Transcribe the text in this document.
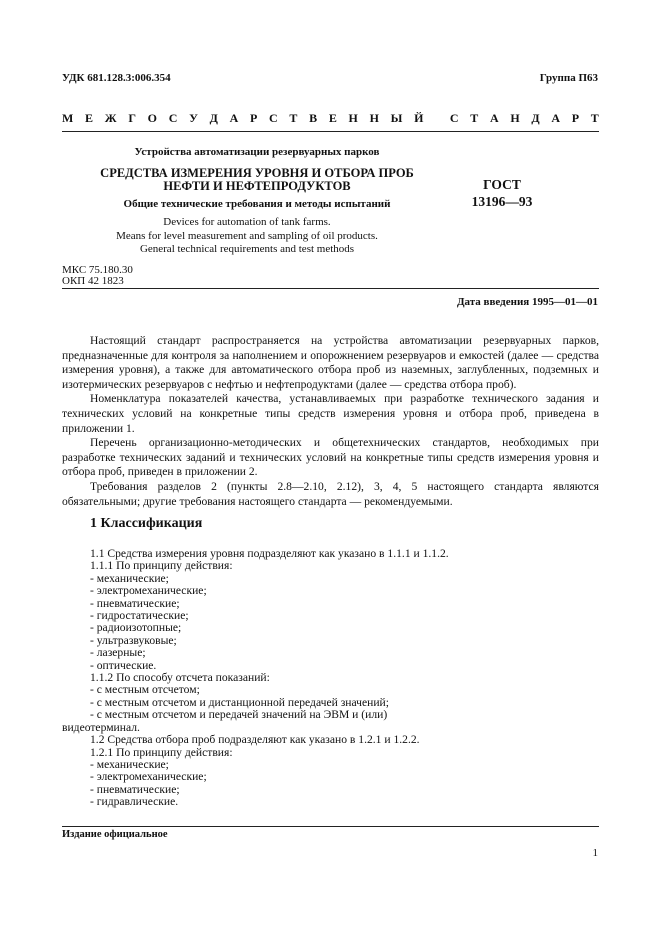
УДК 681.128.3:006.354	Группа П63
М Е Ж Г О С У Д А Р С Т В Е Н Н Ы Й
С Т А Н Д А Р Т
Устройства автоматизации резервуарных парков
СРЕДСТВА ИЗМЕРЕНИЯ УРОВНЯ И ОТБОРА ПРОБ
НЕФТИ И НЕФТЕПРОДУКТОВ
Общие технические требования и методы испытаний
ГОСТ
13196—93
Devices for automation of tank farms.
Means for level measurement and sampling of oil products.
General technical requirements and test methods
МКС 75.180.30
ОКП 42 1823
Дата введения 1995—01—01

Настоящий стандарт распространяется на устройства автоматизации резервуарных парков, предназначенные для контроля за наполнением и опорожнением резервуаров и емкостей (далее — средства измерения уровня), а также для автоматического отбора проб из наземных, заглубленных, подземных и изотермических резервуаров с нефтью и нефтепродуктами (далее — средства отбора проб).

Номенклатура показателей качества, устанавливаемых при разработке технического задания и технических условий на конкретные типы средств измерения уровня и отбора проб, приведена в приложении 1.

Перечень организационно-методических и общетехнических стандартов, необходимых при разработке технических заданий и технических условий на конкретные типы средств измерения уровня и отбора проб, приведен в приложении 2.

Требования разделов 2 (пункты 2.8—2.10, 2.12), 3, 4, 5 настоящего стандарта являются обязательными; другие требования настоящего стандарта — рекомендуемыми.

1 Классификация
1.1 Средства измерения уровня подразделяют как указано в 1.1.1 и 1.1.2.
1.1.1 По принципу действия:
- механические;
- электромеханические;
- пневматические;
- гидростатические;
- радиоизотопные;
- ультразвуковые;
- лазерные;
- оптические.
1.1.2 По способу отсчета показаний:
- с местным отсчетом;
- с местным отсчетом и дистанционной передачей значений;
- с местным отсчетом и передачей значений на ЭВМ и (или)
видеотерминал.
1.2 Средства отбора проб подразделяют как указано в 1.2.1 и 1.2.2.
1.2.1 По принципу действия:
- механические;
- электромеханические;
- пневматические;
- гидравлические.
Издание официальное
1
